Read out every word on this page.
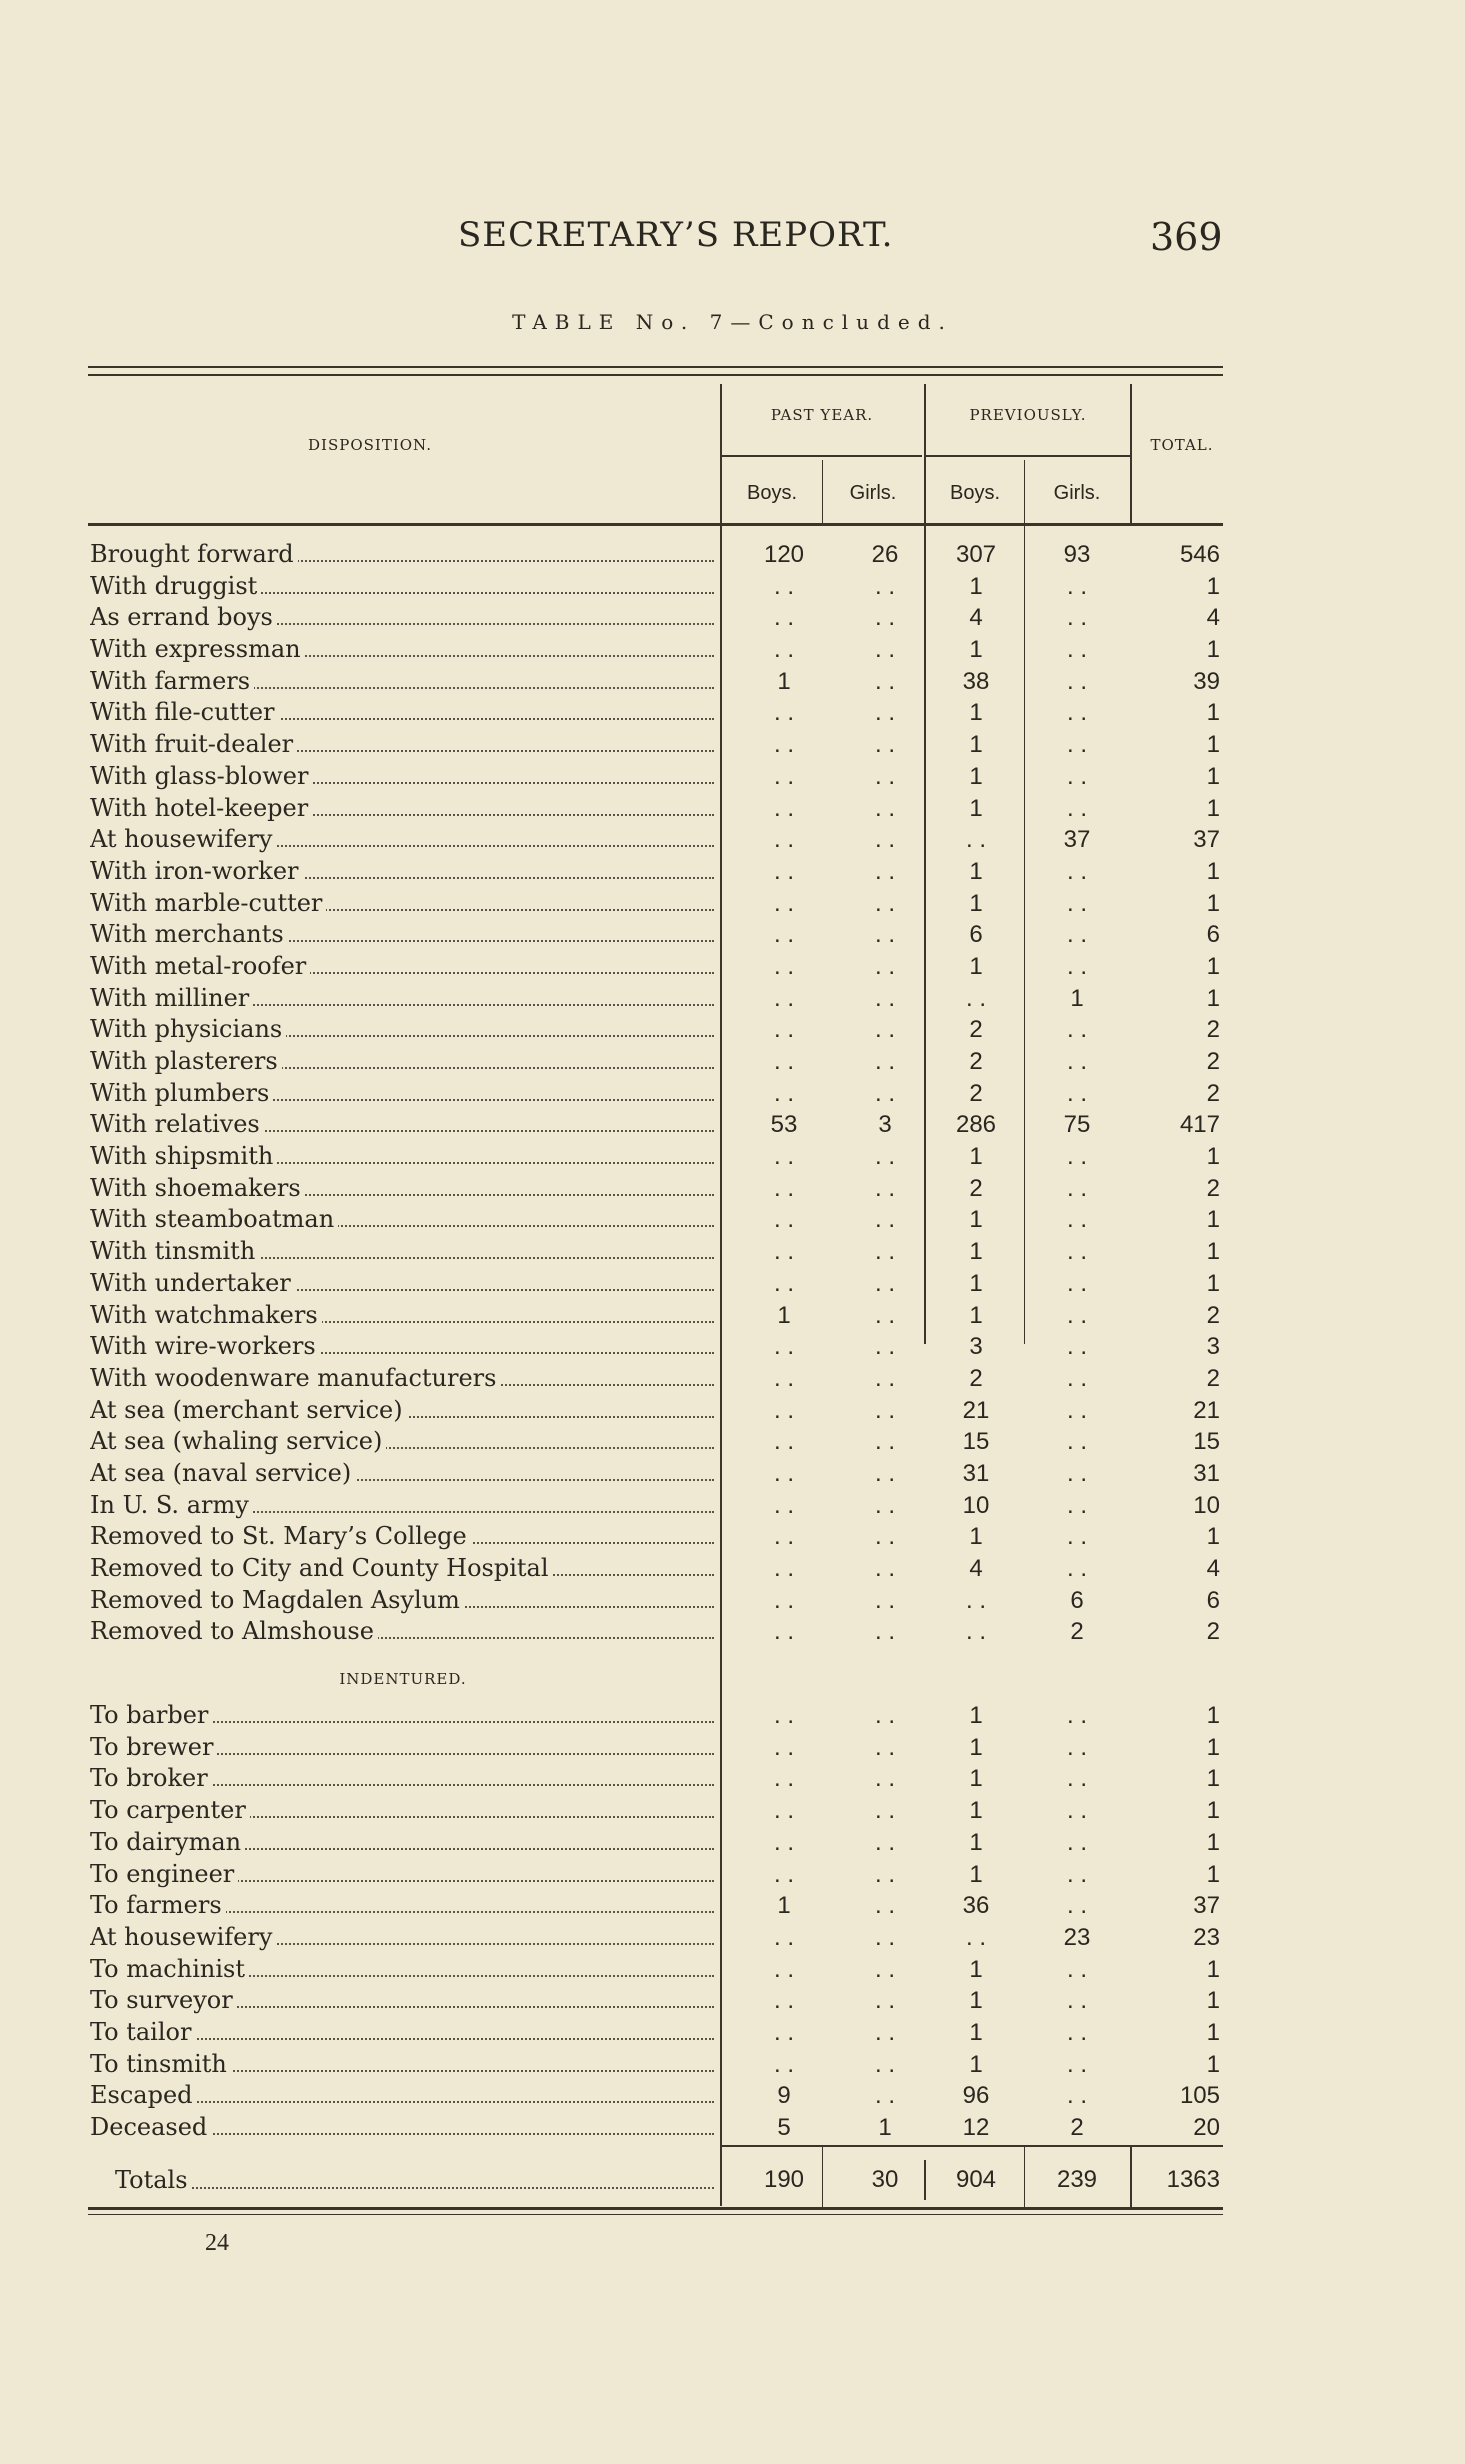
SECRETARY’S REPORT.	369
TABLE No. 7—Concluded.
DISPOSITION.
PAST YEAR.	PREVIOUSLY.
TOTAL.
Boys.	Girls.	Boys.	Girls.
Brought forward	120	26	307	93	546
With druggist	. .	. .	1	. .	1
As errand boys	. .	. .	4	. .	4
With expressman	. .	. .	1	. .	1
With farmers	1	. .	38	. .	39
With file-cutter	. .	. .	1	. .	1
With fruit-dealer	. .	. .	1	. .	1
With glass-blower	. .	. .	1	. .	1
With hotel-keeper	. .	. .	1	. .	1
At housewifery	. .	. .	. .	37	37
With iron-worker	. .	. .	1	. .	1
With marble-cutter	. .	. .	1	. .	1
With merchants	. .	. .	6	. .	6
With metal-roofer	. .	. .	1	. .	1
With milliner	. .	. .	. .	1	1
With physicians	. .	. .	2	. .	2
With plasterers	. .	. .	2	. .	2
With plumbers	. .	. .	2	. .	2
With relatives	53	3	286	75	417
With shipsmith	. .	. .	1	. .	1
With shoemakers	. .	. .	2	. .	2
With steamboatman	. .	. .	1	. .	1
With tinsmith	. .	. .	1	. .	1
With undertaker	. .	. .	1	. .	1
With watchmakers	1	. .	1	. .	2
With wire-workers	. .	. .	3	. .	3
With woodenware manufacturers	. .	. .	2	. .	2
At sea (merchant service)	. .	. .	21	. .	21
At sea (whaling service)	. .	. .	15	. .	15
At sea (naval service)	. .	. .	31	. .	31
In U. S. army	. .	. .	10	. .	10
Removed to St. Mary’s College	. .	. .	1	. .	1
Removed to City and County Hospital	. .	. .	4	. .	4
Removed to Magdalen Asylum	. .	. .	. .	6	6
Removed to Almshouse	. .	. .	. .	2	2
INDENTURED.
To barber	. .	. .	1	. .	1
To brewer	. .	. .	1	. .	1
To broker	. .	. .	1	. .	1
To carpenter	. .	. .	1	. .	1
To dairyman	. .	. .	1	. .	1
To engineer	. .	. .	1	. .	1
To farmers	1	. .	36	. .	37
At housewifery	. .	. .	. .	23	23
To machinist	. .	. .	1	. .	1
To surveyor	. .	. .	1	. .	1
To tailor	. .	. .	1	. .	1
To tinsmith	. .	. .	1	. .	1
Escaped	9	. .	96	. .	105
Deceased	5	1	12	2	20
Totals	190	30	904	239	1363
24
